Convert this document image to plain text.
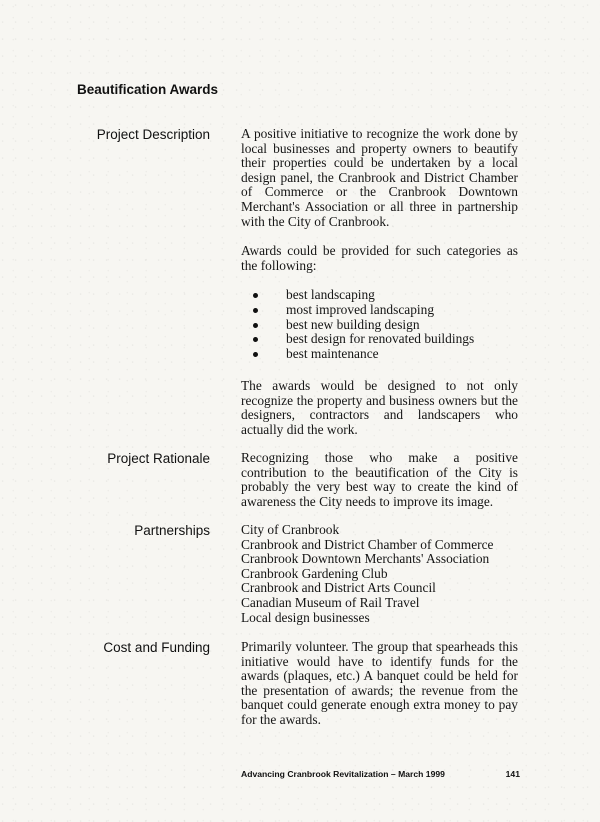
Beautification Awards
Project Description A positive initiative to recognize the work done by local businesses and property owners to beautify their properties could be undertaken by a local design panel, the Cranbrook and District Chamber of Commerce or the Cranbrook Downtown Merchant's Association or all three in partnership with the City of Cranbrook.
Awards could be provided for such categories as the following:
best landscaping
most improved landscaping
best new building design
best design for renovated buildings
best maintenance
The awards would be designed to not only recognize the property and business owners but the designers, contractors and landscapers who actually did the work.
Project Rationale Recognizing those who make a positive contribution to the beautification of the City is probably the very best way to create the kind of awareness the City needs to improve its image.
Partnerships City of Cranbrook
Cranbrook and District Chamber of Commerce
Cranbrook Downtown Merchants' Association
Cranbrook Gardening Club
Cranbrook and District Arts Council
Canadian Museum of Rail Travel
Local design businesses
Cost and Funding Primarily volunteer. The group that spearheads this initiative would have to identify funds for the awards (plaques, etc.) A banquet could be held for the presentation of awards; the revenue from the banquet could generate enough extra money to pay for the awards.
Advancing Cranbrook Revitalization – March 1999	141
